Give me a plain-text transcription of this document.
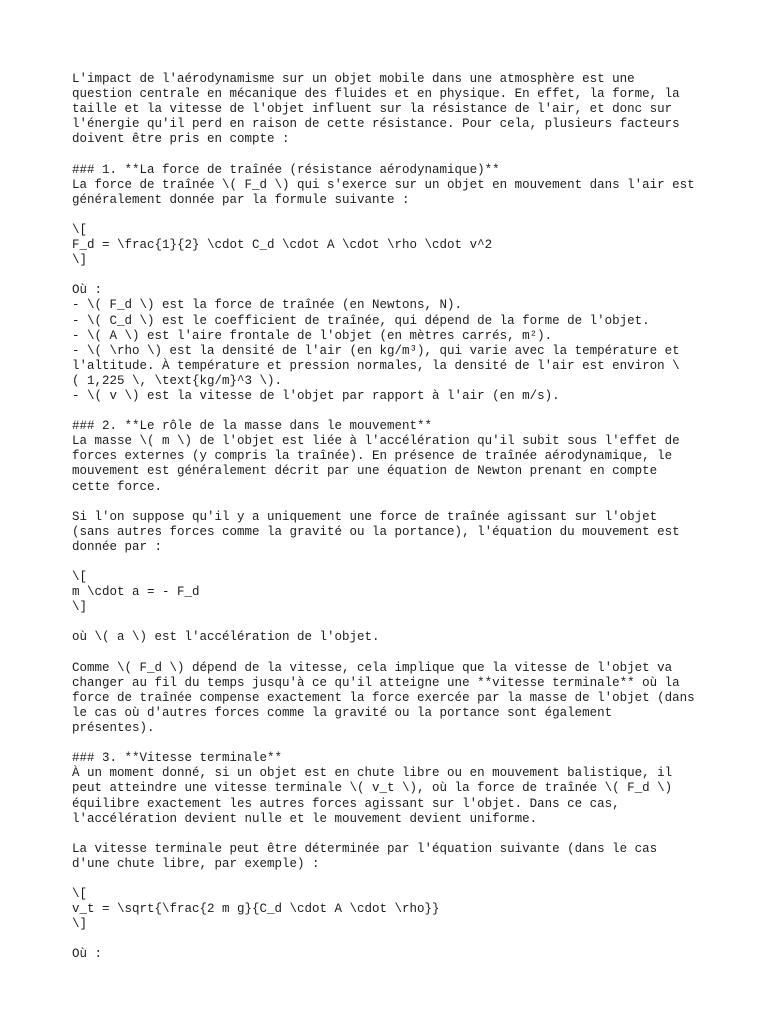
L'impact de l'aérodynamisme sur un objet mobile dans une atmosphère est une
question centrale en mécanique des fluides et en physique. En effet, la forme, la
taille et la vitesse de l'objet influent sur la résistance de l'air, et donc sur
l'énergie qu'il perd en raison de cette résistance. Pour cela, plusieurs facteurs
doivent être pris en compte :
### 1. **La force de traînée (résistance aérodynamique)**
La force de traînée \( F_d \) qui s'exerce sur un objet en mouvement dans l'air est
généralement donnée par la formule suivante :
\[
F_d = \frac{1}{2} \cdot C_d \cdot A \cdot \rho \cdot v^2
\]
Où :
- \( F_d \) est la force de traînée (en Newtons, N).
- \( C_d \) est le coefficient de traînée, qui dépend de la forme de l'objet.
- \( A \) est l'aire frontale de l'objet (en mètres carrés, m²).
- \( \rho \) est la densité de l'air (en kg/m³), qui varie avec la température et
l'altitude. À température et pression normales, la densité de l'air est environ \
( 1,225 \, \text{kg/m}^3 \).
- \( v \) est la vitesse de l'objet par rapport à l'air (en m/s).
### 2. **Le rôle de la masse dans le mouvement**
La masse \( m \) de l'objet est liée à l'accélération qu'il subit sous l'effet de
forces externes (y compris la traînée). En présence de traînée aérodynamique, le
mouvement est généralement décrit par une équation de Newton prenant en compte
cette force.
Si l'on suppose qu'il y a uniquement une force de traînée agissant sur l'objet
(sans autres forces comme la gravité ou la portance), l'équation du mouvement est
donnée par :
\[
m \cdot a = - F_d
\]
où \( a \) est l'accélération de l'objet.
Comme \( F_d \) dépend de la vitesse, cela implique que la vitesse de l'objet va
changer au fil du temps jusqu'à ce qu'il atteigne une **vitesse terminale** où la
force de traînée compense exactement la force exercée par la masse de l'objet (dans
le cas où d'autres forces comme la gravité ou la portance sont également
présentes).
### 3. **Vitesse terminale**
À un moment donné, si un objet est en chute libre ou en mouvement balistique, il
peut atteindre une vitesse terminale \( v_t \), où la force de traînée \( F_d \)
équilibre exactement les autres forces agissant sur l'objet. Dans ce cas,
l'accélération devient nulle et le mouvement devient uniforme.
La vitesse terminale peut être déterminée par l'équation suivante (dans le cas
d'une chute libre, par exemple) :
\[
v_t = \sqrt{\frac{2 m g}{C_d \cdot A \cdot \rho}}
\]
Où :
